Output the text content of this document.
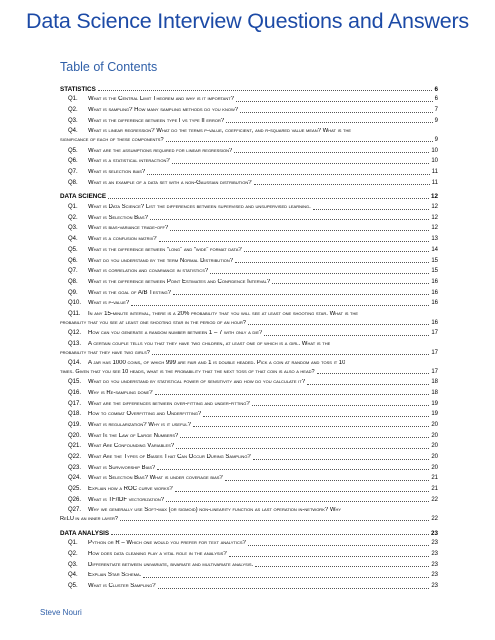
Data Science Interview Questions and Answers
Table of Contents
STATISTICS	6
Q1.	What is the Central Limit Theorem and why is it important?	6
Q2.	What is sampling? How many sampling methods do you know?	7
Q3.	What is the difference between type I vs type II error?	9
Q4.	What is linear regression? What do the terms p-value, coefficient, and r-squared value mean? What is the
significance of each of these components?	9
Q5.	What are the assumptions required for linear regression?	10
Q6.	What is a statistical interaction?	10
Q7.	What is selection bias?	11
Q8.	What is an example of a data set with a non-Gaussian distribution?	11
DATA SCIENCE	12
Q1.	What is Data Science? List the differences between supervised and unsupervised learning.	12
Q2.	What is Selection Bias?	12
Q3.	What is bias-variance trade-off?	12
Q4.	What is a confusion matrix?	13
Q5.	What is the difference between “long” and “wide” format data?	14
Q6.	What do you understand by the term Normal Distribution?	15
Q7.	What is correlation and covariance in statistics?	15
Q8.	What is the difference between Point Estimates and Confidence Interval?	16
Q9.	What is the goal of A/B Testing?	16
Q10.	What is p-value?	16
Q11.	In any 15-minute interval, there is a 20% probability that you will see at least one shooting star. What is the
probability that you see at least one shooting star in the period of an hour?	16
Q12.	How can you generate a random number between 1 – 7 with only a die?	17
Q13.	A certain couple tells you that they have two children, at least one of which is a girl. What is the
probability that they have two girls?	17
Q14.	A jar has 1000 coins, of which 999 are fair and 1 is double headed. Pick a coin at random and toss it 10
times. Given that you see 10 heads, what is the probability that the next toss of that coin is also a head?	17
Q15.	What do you understand by statistical power of sensitivity and how do you calculate it?	18
Q16.	Why is Re-sampling done?	18
Q17.	What are the differences between over-fitting and under-fitting?	19
Q18.	How to combat Overfitting and Underfitting?	19
Q19.	What is regularization? Why is it useful?	20
Q20.	What Is the Law of Large Numbers?	20
Q21.	What Are Confounding Variables?	20
Q22.	What Are the Types of Biases That Can Occur During Sampling?	20
Q23.	What is Survivorship Bias?	20
Q24.	What is Selection Bias? What is under coverage bias?	21
Q25.	Explain how a ROC curve works?	21
Q26.	What is TF/IDF vectorization?	22
Q27.	Why we generally use Soft-max (or sigmoid) non-linearity function as last operation in-network? Why
ReLU in an inner layer?	22
DATA ANALYSIS	23
Q1.	Python or R – Which one would you prefer for text analytics?	23
Q2.	How does data cleaning play a vital role in the analysis?	23
Q3.	Differentiate between univariate, bivariate and multivariate analysis.	23
Q4.	Explain Star Schema.	23
Q5.	What is Cluster Sampling?	23
Steve Nouri
